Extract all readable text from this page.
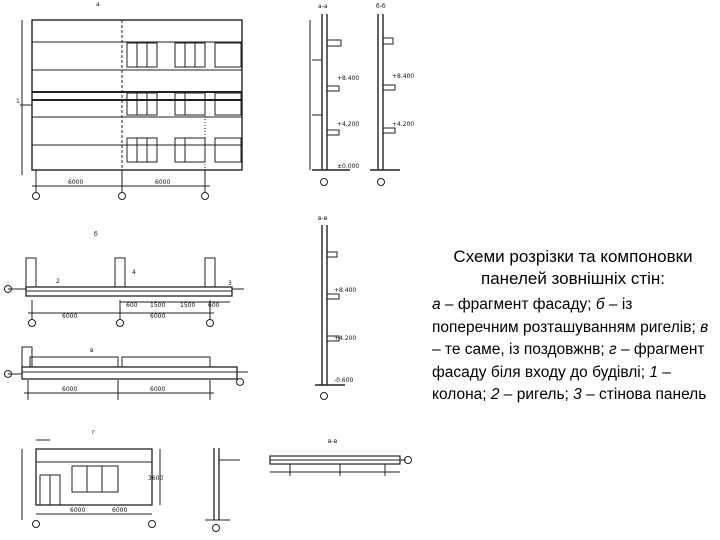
а
6000	6000
а-а	б-б
в-в
в-в
+8.400
+4.200
±0.000
+8.400
+4.200
+8.400
+4.200
-0.600
б
6000	6000
600 1500 1500 600
в
6000	6000
г
6000	6000
3600
1
2	3
4
Схеми розрізки та компоновки панелей зовнішніх стін:

а – фрагмент фасаду; б – із поперечним розташуванням ригелів; в – те саме, із поздовжнв; г – фрагмент фасаду біля входу до будівлі; 1 – колона; 2 – ригель; 3 – стінова панель
